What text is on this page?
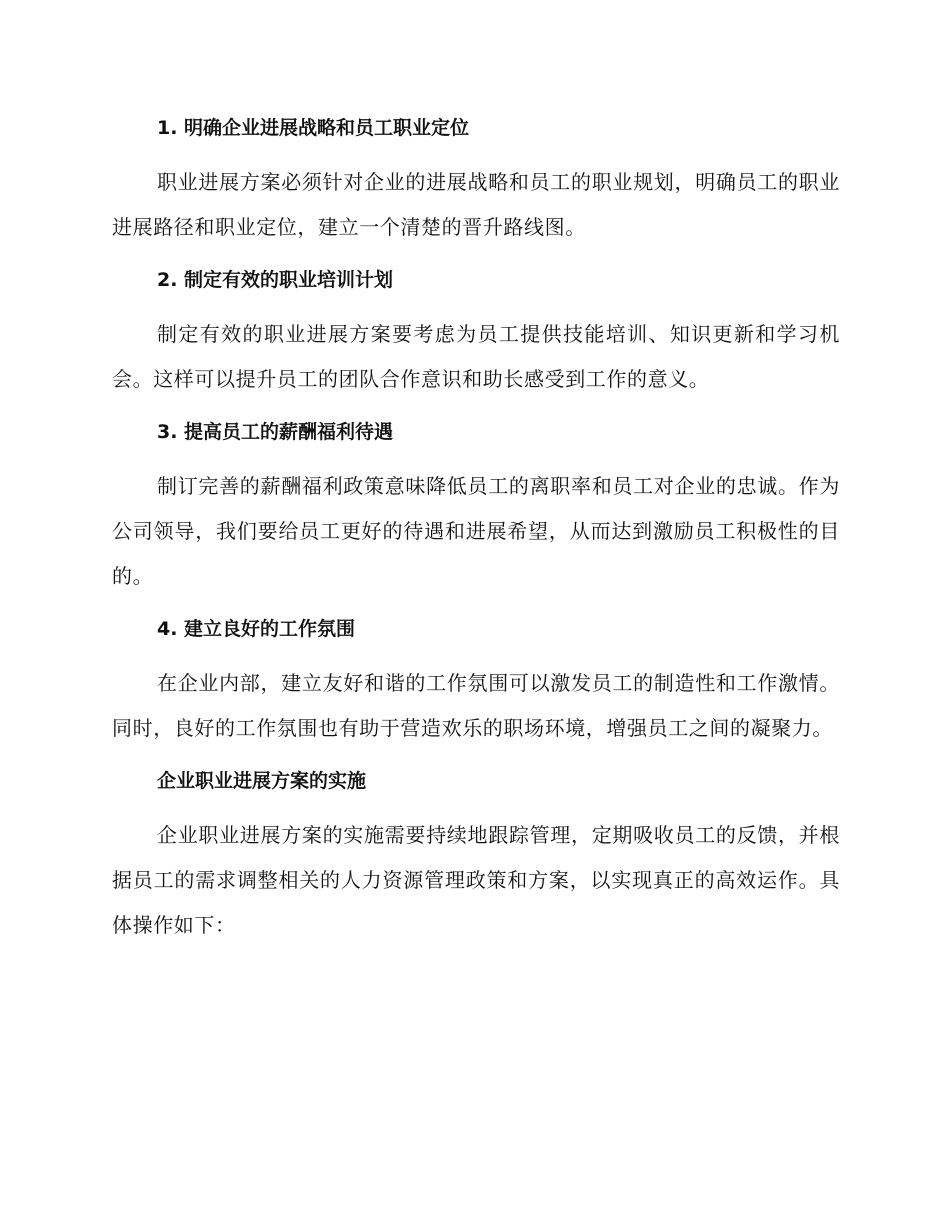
1. 明确企业进展战略和员工职业定位
职业进展方案必须针对企业的进展战略和员工的职业规划，明确员工的职业进展路径和职业定位，建立一个清楚的晋升路线图。
2. 制定有效的职业培训计划
制定有效的职业进展方案要考虑为员工提供技能培训、知识更新和学习机会。这样可以提升员工的团队合作意识和助长感受到工作的意义。
3. 提高员工的薪酬福利待遇
制订完善的薪酬福利政策意味降低员工的离职率和员工对企业的忠诚。作为公司领导，我们要给员工更好的待遇和进展希望，从而达到激励员工积极性的目的。
4. 建立良好的工作氛围
在企业内部，建立友好和谐的工作氛围可以激发员工的制造性和工作激情。同时，良好的工作氛围也有助于营造欢乐的职场环境，增强员工之间的凝聚力。
企业职业进展方案的实施
企业职业进展方案的实施需要持续地跟踪管理，定期吸收员工的反馈，并根据员工的需求调整相关的人力资源管理政策和方案，以实现真正的高效运作。具体操作如下：
